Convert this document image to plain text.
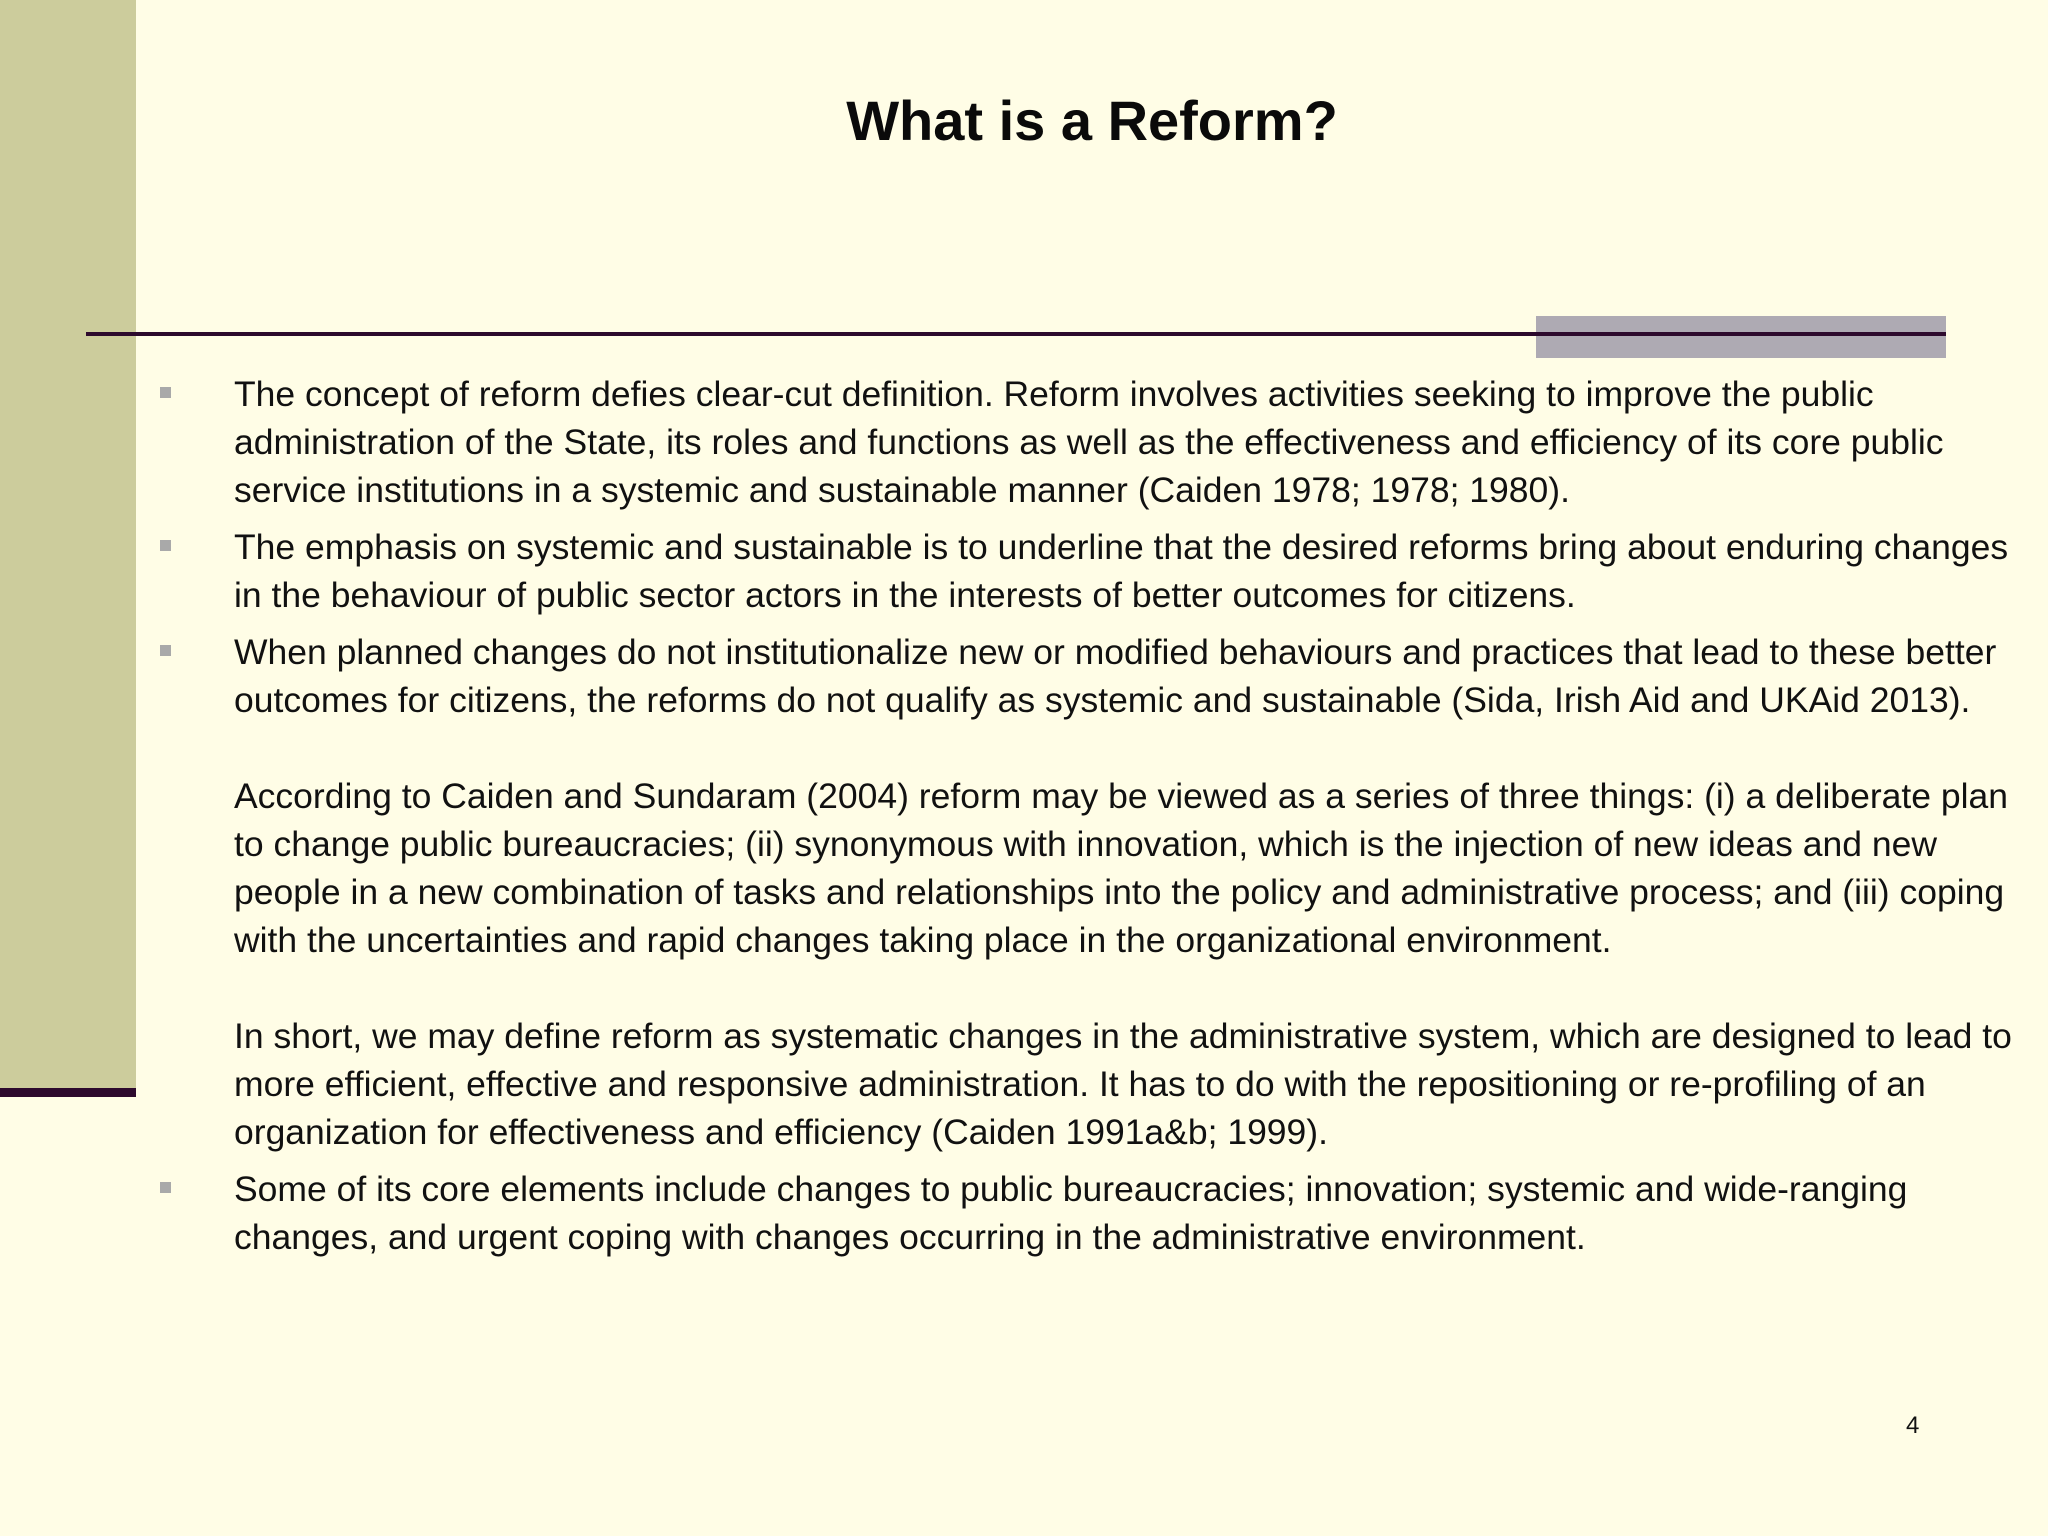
What is a Reform?
The concept of reform defies clear-cut definition. Reform involves activities seeking to improve the public administration of the State, its roles and functions as well as the effectiveness and efficiency of its core public service institutions in a systemic and sustainable manner (Caiden 1978; 1978; 1980).
The emphasis on systemic and sustainable is to underline that the desired reforms bring about enduring changes in the behaviour of public sector actors in the interests of better outcomes for citizens.
When planned changes do not institutionalize new or modified behaviours and practices that lead to these better outcomes for citizens, the reforms do not qualify as systemic and sustainable (Sida, Irish Aid and UKAid 2013).
According to Caiden and Sundaram (2004) reform may be viewed as a series of three things: (i) a deliberate plan to change public bureaucracies; (ii) synonymous with innovation, which is the injection of new ideas and new people in a new combination of tasks and relationships into the policy and administrative process; and (iii) coping with the uncertainties and rapid changes taking place in the organizational environment.
In short, we may define reform as systematic changes in the administrative system, which are designed to lead to more efficient, effective and responsive administration. It has to do with the repositioning or re-profiling of an organization for effectiveness and efficiency (Caiden 1991a&b; 1999).
Some of its core elements include changes to public bureaucracies; innovation; systemic and wide-ranging changes, and urgent coping with changes occurring in the administrative environment.
4
